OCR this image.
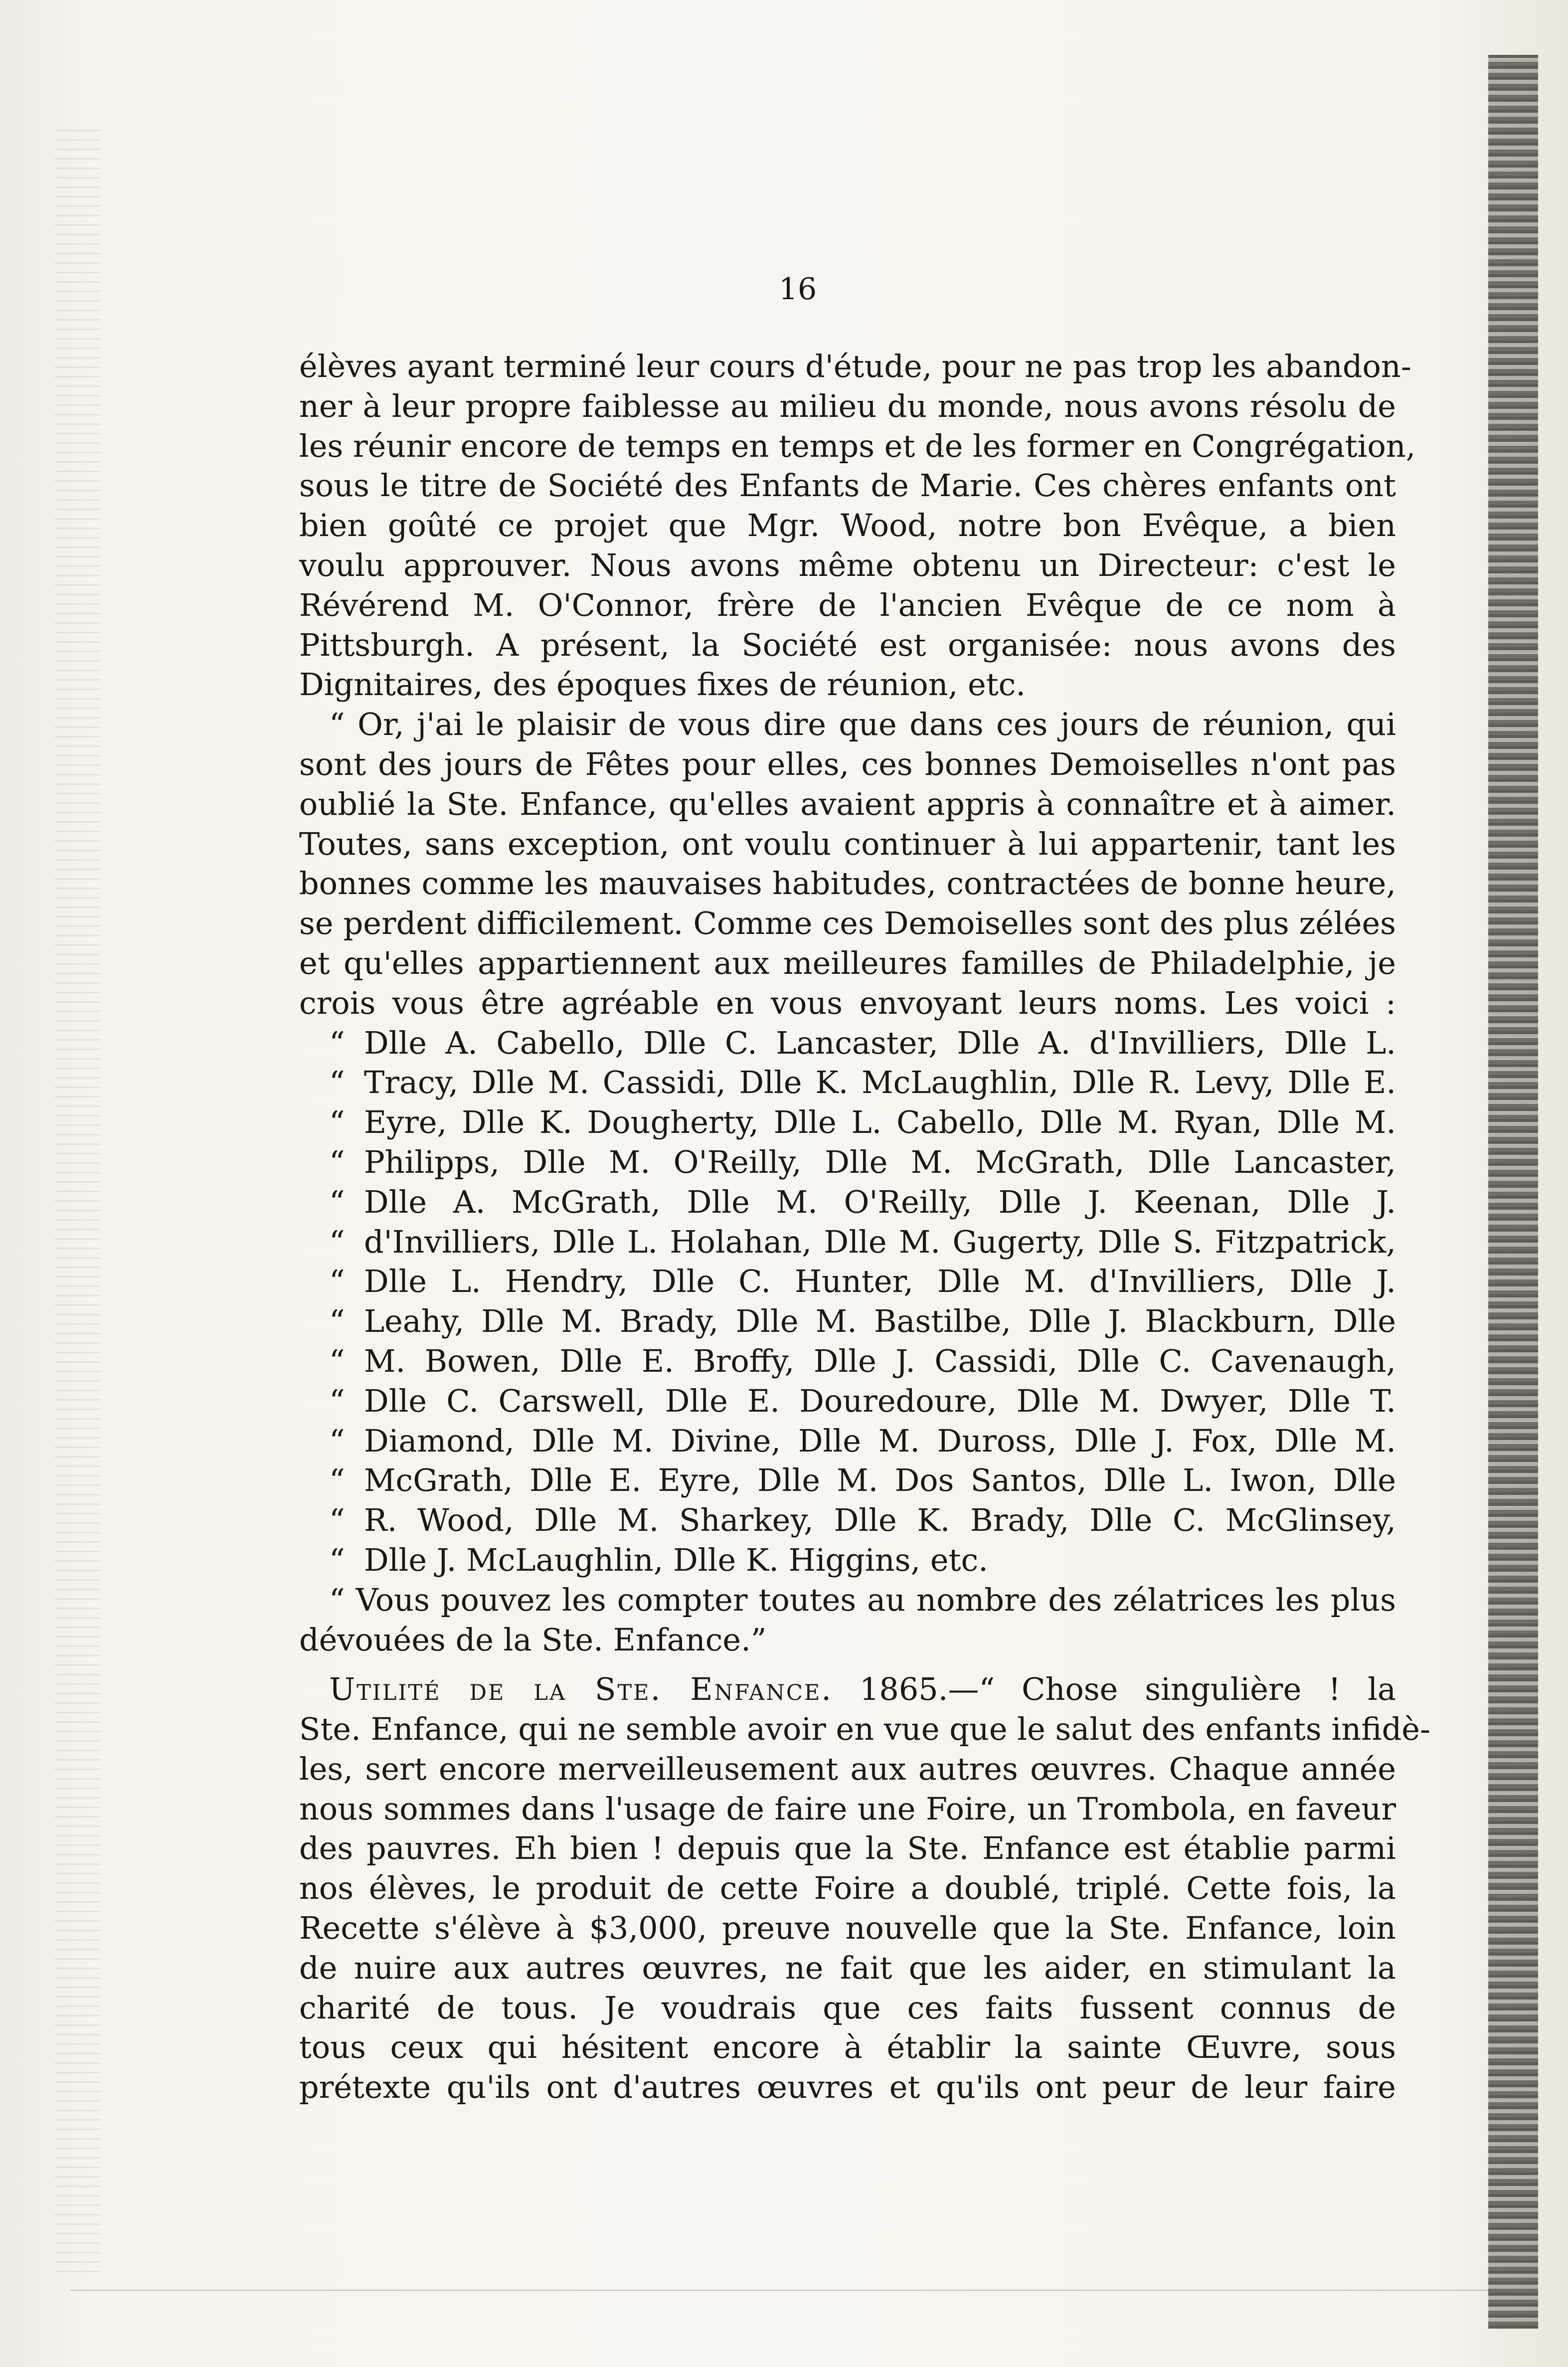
16
élèves ayant terminé leur cours d'étude, pour ne pas trop les abandon-
ner à leur propre faiblesse au milieu du monde, nous avons résolu de
les réunir encore de temps en temps et de les former en Congrégation,
sous le titre de Société des Enfants de Marie. Ces chères enfants ont
bien goûté ce projet que Mgr. Wood, notre bon Evêque, a bien
voulu approuver. Nous avons même obtenu un Directeur: c'est le
Révérend M. O'Connor, frère de l'ancien Evêque de ce nom à
Pittsburgh. A présent, la Société est organisée: nous avons des
Dignitaires, des époques fixes de réunion, etc.
“ Or, j'ai le plaisir de vous dire que dans ces jours de réunion, qui
sont des jours de Fêtes pour elles, ces bonnes Demoiselles n'ont pas
oublié la Ste. Enfance, qu'elles avaient appris à connaître et à aimer.
Toutes, sans exception, ont voulu continuer à lui appartenir, tant les
bonnes comme les mauvaises habitudes, contractées de bonne heure,
se perdent difficilement. Comme ces Demoiselles sont des plus zélées
et qu'elles appartiennent aux meilleures familles de Philadelphie, je
crois vous être agréable en vous envoyant leurs noms. Les voici :
“ Dlle A. Cabello, Dlle C. Lancaster, Dlle A. d'Invilliers, Dlle L.
“ Tracy, Dlle M. Cassidi, Dlle K. McLaughlin, Dlle R. Levy, Dlle E.
“ Eyre, Dlle K. Dougherty, Dlle L. Cabello, Dlle M. Ryan, Dlle M.
“ Philipps, Dlle M. O'Reilly, Dlle M. McGrath, Dlle Lancaster,
“ Dlle A. McGrath, Dlle M. O'Reilly, Dlle J. Keenan, Dlle J.
“ d'Invilliers, Dlle L. Holahan, Dlle M. Gugerty, Dlle S. Fitzpatrick,
“ Dlle L. Hendry, Dlle C. Hunter, Dlle M. d'Invilliers, Dlle J.
“ Leahy, Dlle M. Brady, Dlle M. Bastilbe, Dlle J. Blackburn, Dlle
“ M. Bowen, Dlle E. Broffy, Dlle J. Cassidi, Dlle C. Cavenaugh,
“ Dlle C. Carswell, Dlle E. Douredoure, Dlle M. Dwyer, Dlle T.
“ Diamond, Dlle M. Divine, Dlle M. Duross, Dlle J. Fox, Dlle M.
“ McGrath, Dlle E. Eyre, Dlle M. Dos Santos, Dlle L. Iwon, Dlle
“ R. Wood, Dlle M. Sharkey, Dlle K. Brady, Dlle C. McGlinsey,
“ Dlle J. McLaughlin, Dlle K. Higgins, etc.
“ Vous pouvez les compter toutes au nombre des zélatrices les plus
dévouées de la Ste. Enfance.”
Utilité de la Ste. Enfance. 1865.—“ Chose singulière ! la
Ste. Enfance, qui ne semble avoir en vue que le salut des enfants infidè-
les, sert encore merveilleusement aux autres œuvres. Chaque année
nous sommes dans l'usage de faire une Foire, un Trombola, en faveur
des pauvres. Eh bien ! depuis que la Ste. Enfance est établie parmi
nos élèves, le produit de cette Foire a doublé, triplé. Cette fois, la
Recette s'élève à $3,000, preuve nouvelle que la Ste. Enfance, loin
de nuire aux autres œuvres, ne fait que les aider, en stimulant la
charité de tous. Je voudrais que ces faits fussent connus de
tous ceux qui hésitent encore à établir la sainte Œuvre, sous
prétexte qu'ils ont d'autres œuvres et qu'ils ont peur de leur faire
